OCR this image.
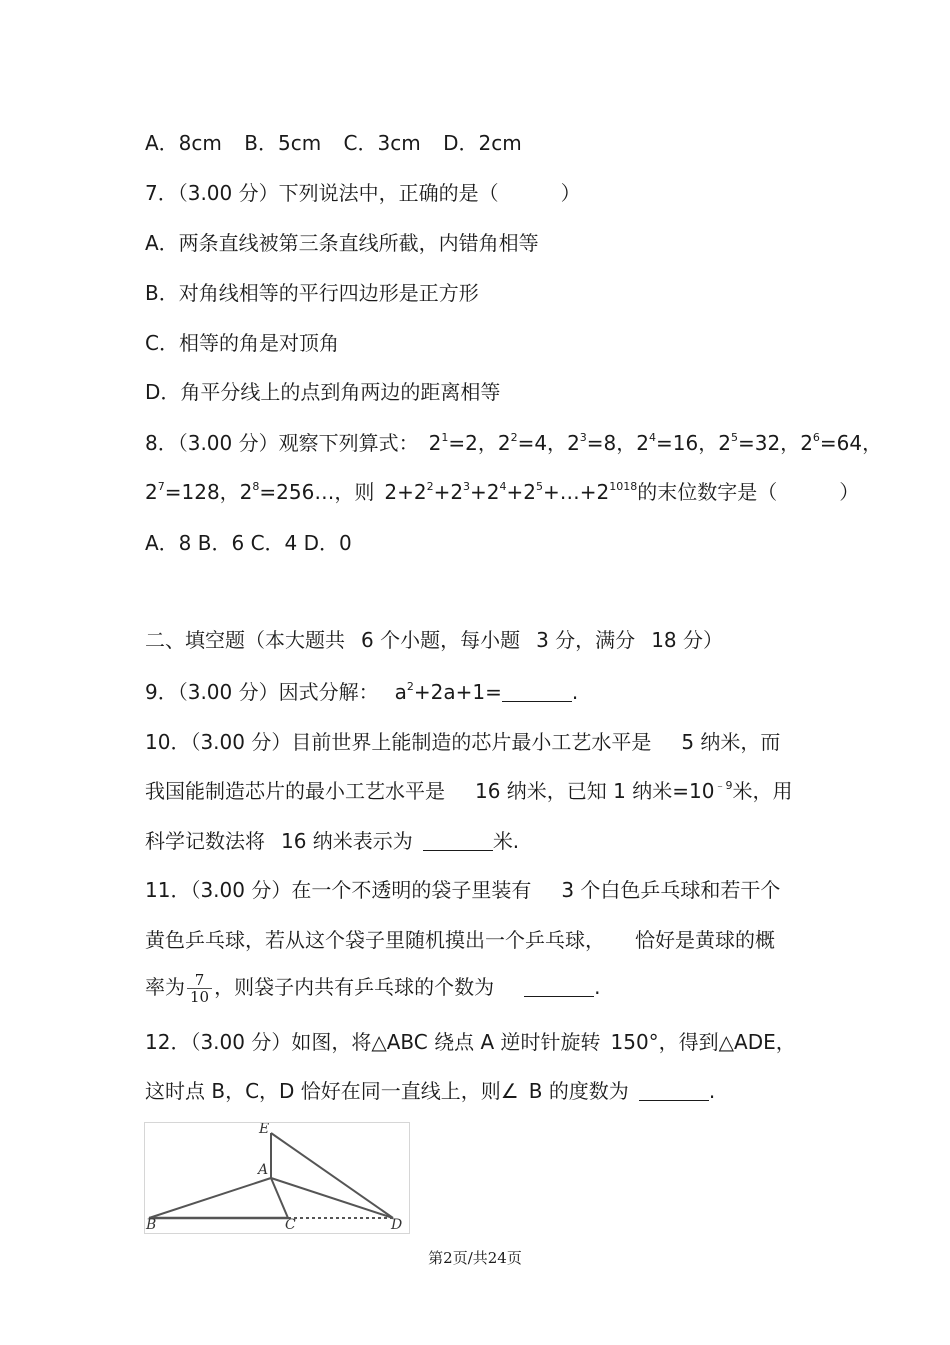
A．8cm B．5cm C．3cm D．2cm
7．（3.00 分）下列说法中，正确的是（	）
A．两条直线被第三条直线所截，内错角相等
B．对角线相等的平行四边形是正方形
C．相等的角是对顶角
D．角平分线上的点到角两边的距离相等
8．（3.00 分）观察下列算式： $2^1=2$，$2^2=4$，$2^3=8$，$2^4=16$，$2^5=32$，$2^6=64$，
$2^7=128$，$2^8=256\dots$，则 $2+2^2+2^3+2^4+2^5+\dots+2^{1018}$的末位数字是（	）
A．8 B．6 C．4 D．0
二、填空题（本大题共 6 个小题，每小题 3 分，满分 18 分）
9．（3.00 分）因式分解： $a^2+2a+1=$	.
10．（3.00 分）目前世界上能制造的芯片最小工艺水平是 5 纳米，而
我国能制造芯片的最小工艺水平是 16 纳米，已知 1 纳米$=10^{﹣9}$米，用
科学记数法将 16 纳米表示为	米.
11．（3.00 分）在一个不透明的袋子里装有 3 个白色乒乓球和若干个
黄色乒乓球，若从这个袋子里随机摸出一个乒乓球， 恰好是黄球的概
率为 $\frac{7}{10}$ ，则袋子内共有乒乓球的个数为	.
12．（3.00 分）如图，将△ABC 绕点 A 逆时针旋转 150°，得到△ADE，
这时点 B，C，D 恰好在同一直线上，则∠ B 的度数为	.
E
A
B	C	D
第2页/共24页
